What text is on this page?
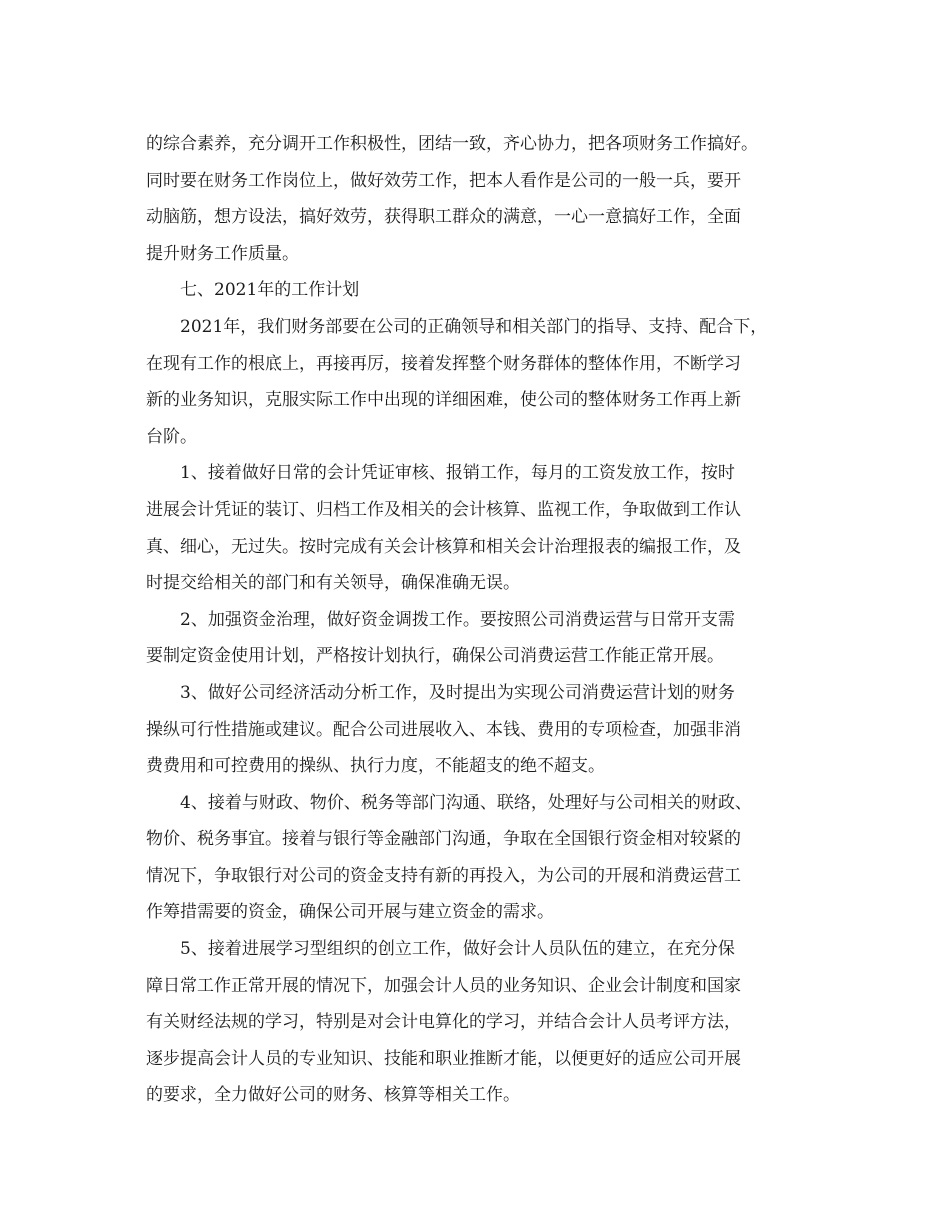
的综合素养，充分调开工作积极性，团结一致，齐心协力，把各项财务工作搞好。
同时要在财务工作岗位上，做好效劳工作，把本人看作是公司的一般一兵，要开
动脑筋，想方设法，搞好效劳，获得职工群众的满意，一心一意搞好工作，全面
提升财务工作质量。
七、2021年的工作计划
2021年，我们财务部要在公司的正确领导和相关部门的指导、支持、配合下，
在现有工作的根底上，再接再厉，接着发挥整个财务群体的整体作用，不断学习
新的业务知识，克服实际工作中出现的详细困难，使公司的整体财务工作再上新
台阶。
1、接着做好日常的会计凭证审核、报销工作，每月的工资发放工作，按时
进展会计凭证的装订、归档工作及相关的会计核算、监视工作，争取做到工作认
真、细心，无过失。按时完成有关会计核算和相关会计治理报表的编报工作，及
时提交给相关的部门和有关领导，确保准确无误。
2、加强资金治理，做好资金调拨工作。要按照公司消费运营与日常开支需
要制定资金使用计划，严格按计划执行，确保公司消费运营工作能正常开展。
3、做好公司经济活动分析工作，及时提出为实现公司消费运营计划的财务
操纵可行性措施或建议。配合公司进展收入、本钱、费用的专项检查，加强非消
费费用和可控费用的操纵、执行力度，不能超支的绝不超支。
4、接着与财政、物价、税务等部门沟通、联络，处理好与公司相关的财政、
物价、税务事宜。接着与银行等金融部门沟通，争取在全国银行资金相对较紧的
情况下，争取银行对公司的资金支持有新的再投入，为公司的开展和消费运营工
作筹措需要的资金，确保公司开展与建立资金的需求。
5、接着进展学习型组织的创立工作，做好会计人员队伍的建立，在充分保
障日常工作正常开展的情况下，加强会计人员的业务知识、企业会计制度和国家
有关财经法规的学习，特别是对会计电算化的学习，并结合会计人员考评方法，
逐步提高会计人员的专业知识、技能和职业推断才能，以便更好的适应公司开展
的要求，全力做好公司的财务、核算等相关工作。
